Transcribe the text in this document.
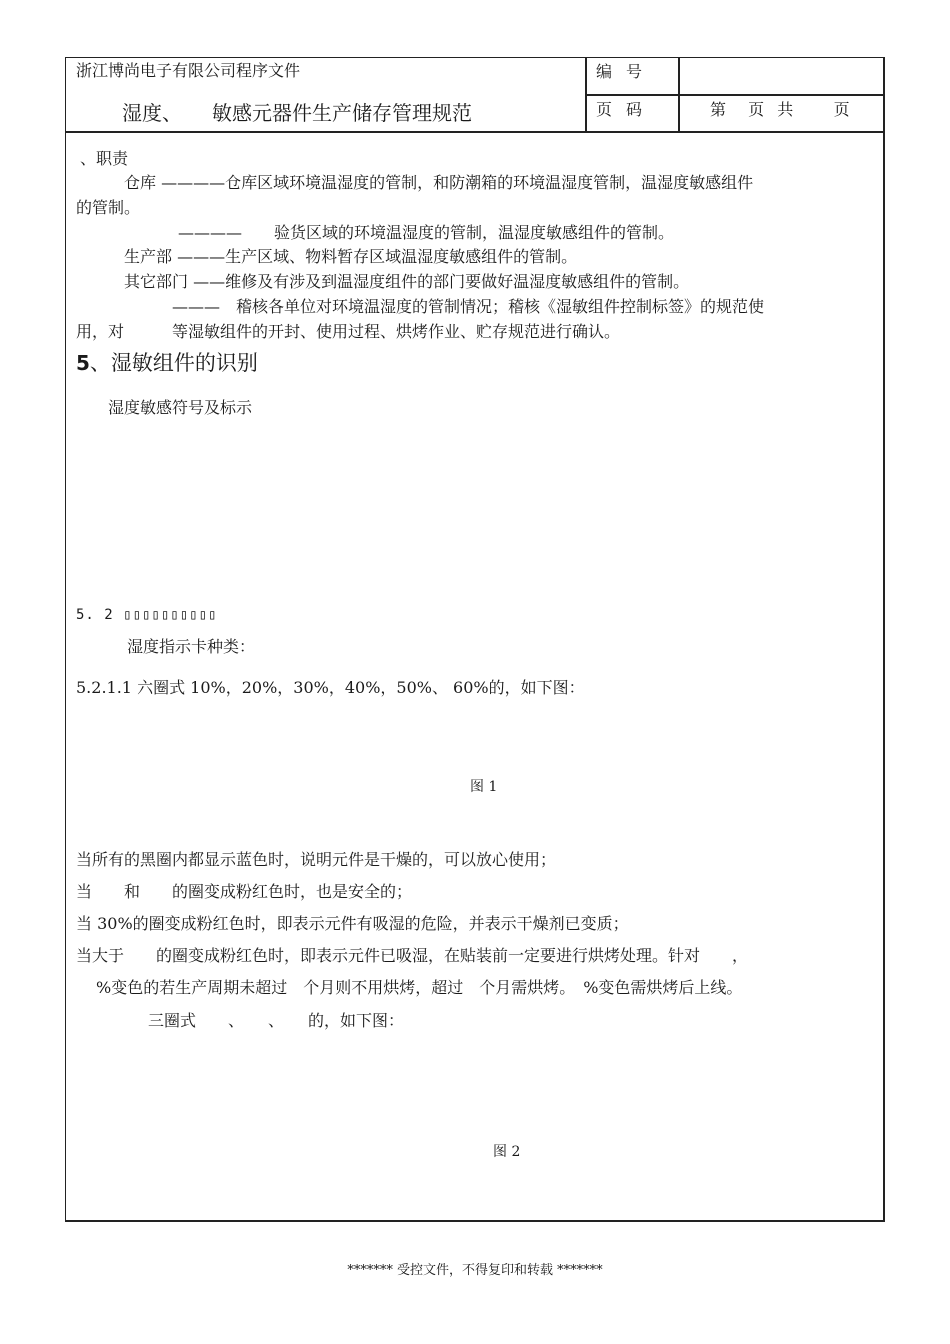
浙江博尚电子有限公司程序文件
湿度、　　敏感元器件生产储存管理规范
编号
页码	第  页 共    页
、职责
仓库 ————仓库区域环境温湿度的管制，和防潮箱的环境温湿度管制，温湿度敏感组件
的管制。
————　　验货区域的环境温湿度的管制，温湿度敏感组件的管制。
生产部 ———生产区域、物料暂存区域温湿度敏感组件的管制。
其它部门 ——维修及有涉及到温湿度组件的部门要做好温湿度敏感组件的管制。
———　稽核各单位对环境温湿度的管制情况；稽核《湿敏组件控制标签》的规范使
用，对　　　等湿敏组件的开封、使用过程、烘烤作业、贮存规范进行确认。
5、湿敏组件的识别
湿度敏感符号及标示
5. 2 ▯▯▯▯▯▯▯▯▯▯
湿度指示卡种类：
5.2.1.1 六圈式 10%，20%，30%，40%，50%、 60%的，如下图：
图 1
当所有的黑圈内都显示蓝色时，说明元件是干燥的，可以放心使用；
当　　和　　的圈变成粉红色时，也是安全的；
当 30%的圈变成粉红色时，即表示元件有吸湿的危险，并表示干燥剂已变质；
当大于　　的圈变成粉红色时，即表示元件已吸湿，在贴装前一定要进行烘烤处理。针对　　，
%变色的若生产周期未超过　个月则不用烘烤，超过　个月需烘烤。　%变色需烘烤后上线。
三圈式　　、　　、　　的，如下图：
图 2
******* 受控文件，不得复印和转载 *******
